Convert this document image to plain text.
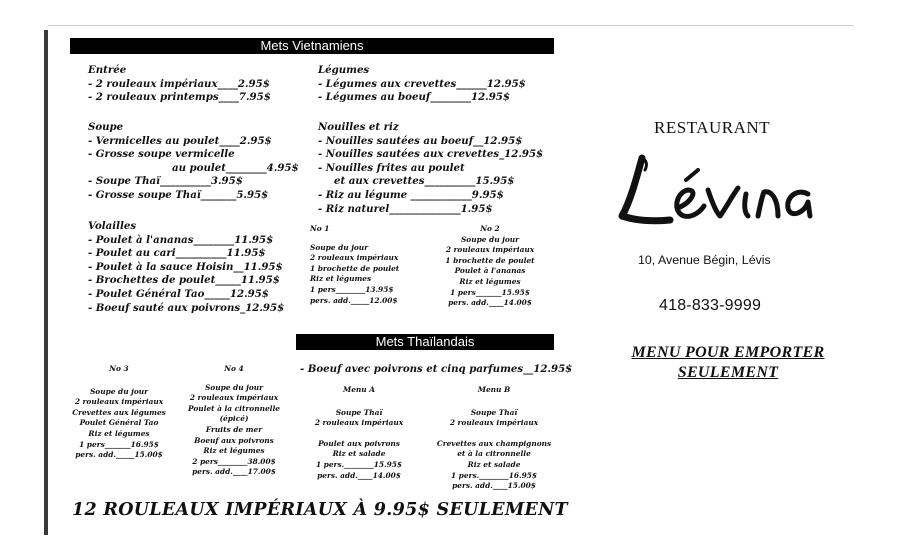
Mets Vietnamiens
Entrée
- 2 rouleaux impériaux____2.95$
- 2 rouleaux printemps____7.95$
Soupe
- Vermicelles au poulet____2.95$
- Grosse soupe vermicelle
au poulet________4.95$
- Soupe Thaï__________3.95$
- Grosse soupe Thaï_______5.95$
Volailles
- Poulet à l'ananas________11.95$
- Poulet au cari__________11.95$
- Poulet à la sauce Hoisin__11.95$
- Brochettes de poulet_____11.95$
- Poulet Général Tao_____12.95$
- Boeuf sauté aux poivrons_12.95$
Légumes
- Légumes aux crevettes______12.95$
- Légumes au boeuf________12.95$
Nouilles et riz
- Nouilles sautées au boeuf__12.95$
- Nouilles sautées aux crevettes_12.95$
- Nouilles frites au poulet
et aux crevettes__________15.95$
- Riz au légume ____________9.95$
- Riz naturel______________1.95$
No 1
Soupe du jour
2 rouleaux impériaux
1 brochette de poulet
Riz et légumes
1 pers________13.95$
pers. add._____12.00$
No 2
Soupe du jour
2 rouleaux impériaux
1 brochette de poulet
Poulet à l'ananas
Riz et légumes
1 pers_______15.95$
pers. add.____14.00$
Mets Thaïlandais
No 3
Soupe du jour
2 rouleaux impériaux
Crevettes aux légumes
Poulet Général Tao
Riz et légumes
1 pers_______16.95$
pers. add._____15.00$
No 4
Soupe du jour
2 rouleaux impériaux
Poulet à la citronnelle
(épicé)
Fruits de mer
Boeuf aux poivrons
Riz et légumes
2 pers________38.00$
pers. add.____17.00$
- Boeuf avec poivrons et cinq parfumes__12.95$
Menu A
Soupe Thaï
2 rouleaux impériaux
Poulet aux poivrons
Riz et salade
1 pers.________15.95$
pers. add.____14.00$
Menu B
Soupe Thaï
2 rouleaux impériaux
Crevettes aux champignons
et à la citronnelle
Riz et salade
1 pers.________16.95$
pers. add.____15.00$
12 ROULEAUX IMPÉRIAUX À 9.95$ SEULEMENT
RESTAURANT
10, Avenue Bégin, Lévis
418-833-9999
MENU POUR EMPORTER
SEULEMENT
